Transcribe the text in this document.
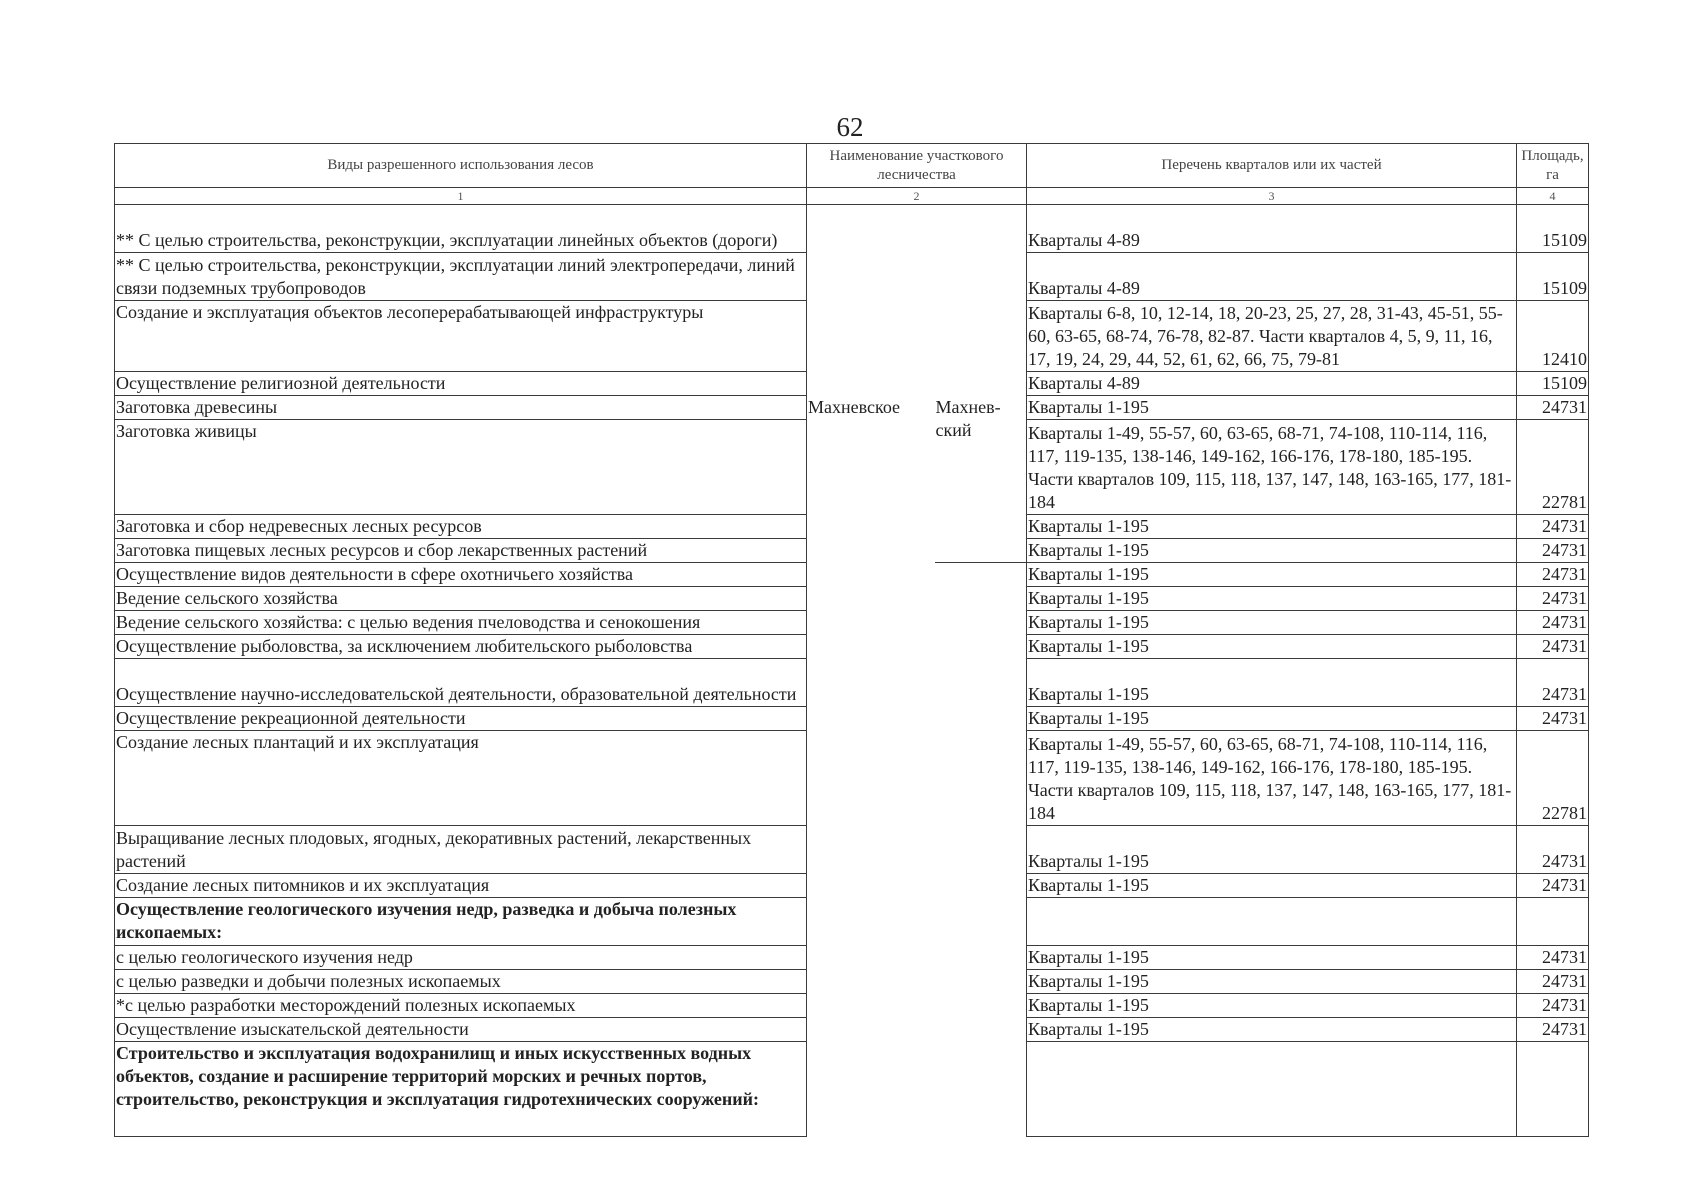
62
Виды разрешенного использования лесов	Наименование участкового лесничества		Перечень кварталов или их частей	Площадь, га
1	2		3	4
** С целью строительства, реконструкции, эксплуатации линейных объектов (дороги)		Махнев-ский	Кварталы 4-89	15109
** С целью строительства, реконструкции, эксплуатации линий электропередачи, линий связи подземных трубопроводов			Кварталы 4-89	15109
Создание и эксплуатация объектов лесоперерабатывающей инфраструктуры			Кварталы 6-8, 10, 12-14, 18, 20-23, 25, 27, 28, 31-43, 45-51, 55-60, 63-65, 68-74, 76-78, 82-87. Части кварталов 4, 5, 9, 11, 16, 17, 19, 24, 29, 44, 52, 61, 62, 66, 75, 79-81	12410
Осуществление религиозной деятельности			Кварталы 4-89	15109
Заготовка древесины	Махневское		Кварталы 1-195	24731
Заготовка живицы			Кварталы 1-49, 55-57, 60, 63-65, 68-71, 74-108, 110-114, 116, 117, 119-135, 138-146, 149-162, 166-176, 178-180, 185-195. Части кварталов 109, 115, 118, 137, 147, 148, 163-165, 177, 181-184	22781
Заготовка и сбор недревесных лесных ресурсов			Кварталы 1-195	24731
Заготовка пищевых лесных ресурсов и сбор лекарственных растений			Кварталы 1-195	24731
Осуществление видов деятельности в сфере охотничьего хозяйства			Кварталы 1-195	24731
Ведение сельского хозяйства			Кварталы 1-195	24731
Ведение сельского хозяйства: с целью ведения пчеловодства и сенокошения			Кварталы 1-195	24731
Осуществление рыболовства, за исключением любительского рыболовства			Кварталы 1-195	24731
Осуществление научно-исследовательской деятельности, образовательной деятельности			Кварталы 1-195	24731
Осуществление рекреационной деятельности			Кварталы 1-195	24731
Создание лесных плантаций и их эксплуатация			Кварталы 1-49, 55-57, 60, 63-65, 68-71, 74-108, 110-114, 116, 117, 119-135, 138-146, 149-162, 166-176, 178-180, 185-195. Части кварталов 109, 115, 118, 137, 147, 148, 163-165, 177, 181-184	22781
Выращивание лесных плодовых, ягодных, декоративных растений, лекарственных растений			Кварталы 1-195	24731
Создание лесных питомников и их эксплуатация			Кварталы 1-195	24731
Осуществление геологического изучения недр, разведка и добыча полезных ископаемых:				
с целью геологического изучения недр			Кварталы 1-195	24731
с целью разведки и добычи полезных ископаемых			Кварталы 1-195	24731
*с целью разработки месторождений полезных ископаемых			Кварталы 1-195	24731
Осуществление изыскательской деятельности			Кварталы 1-195	24731
Строительство и эксплуатация водохранилищ и иных искусственных водных объектов, создание и расширение территорий морских и речных портов, строительство, реконструкция и эксплуатация гидротехнических сооружений:				
